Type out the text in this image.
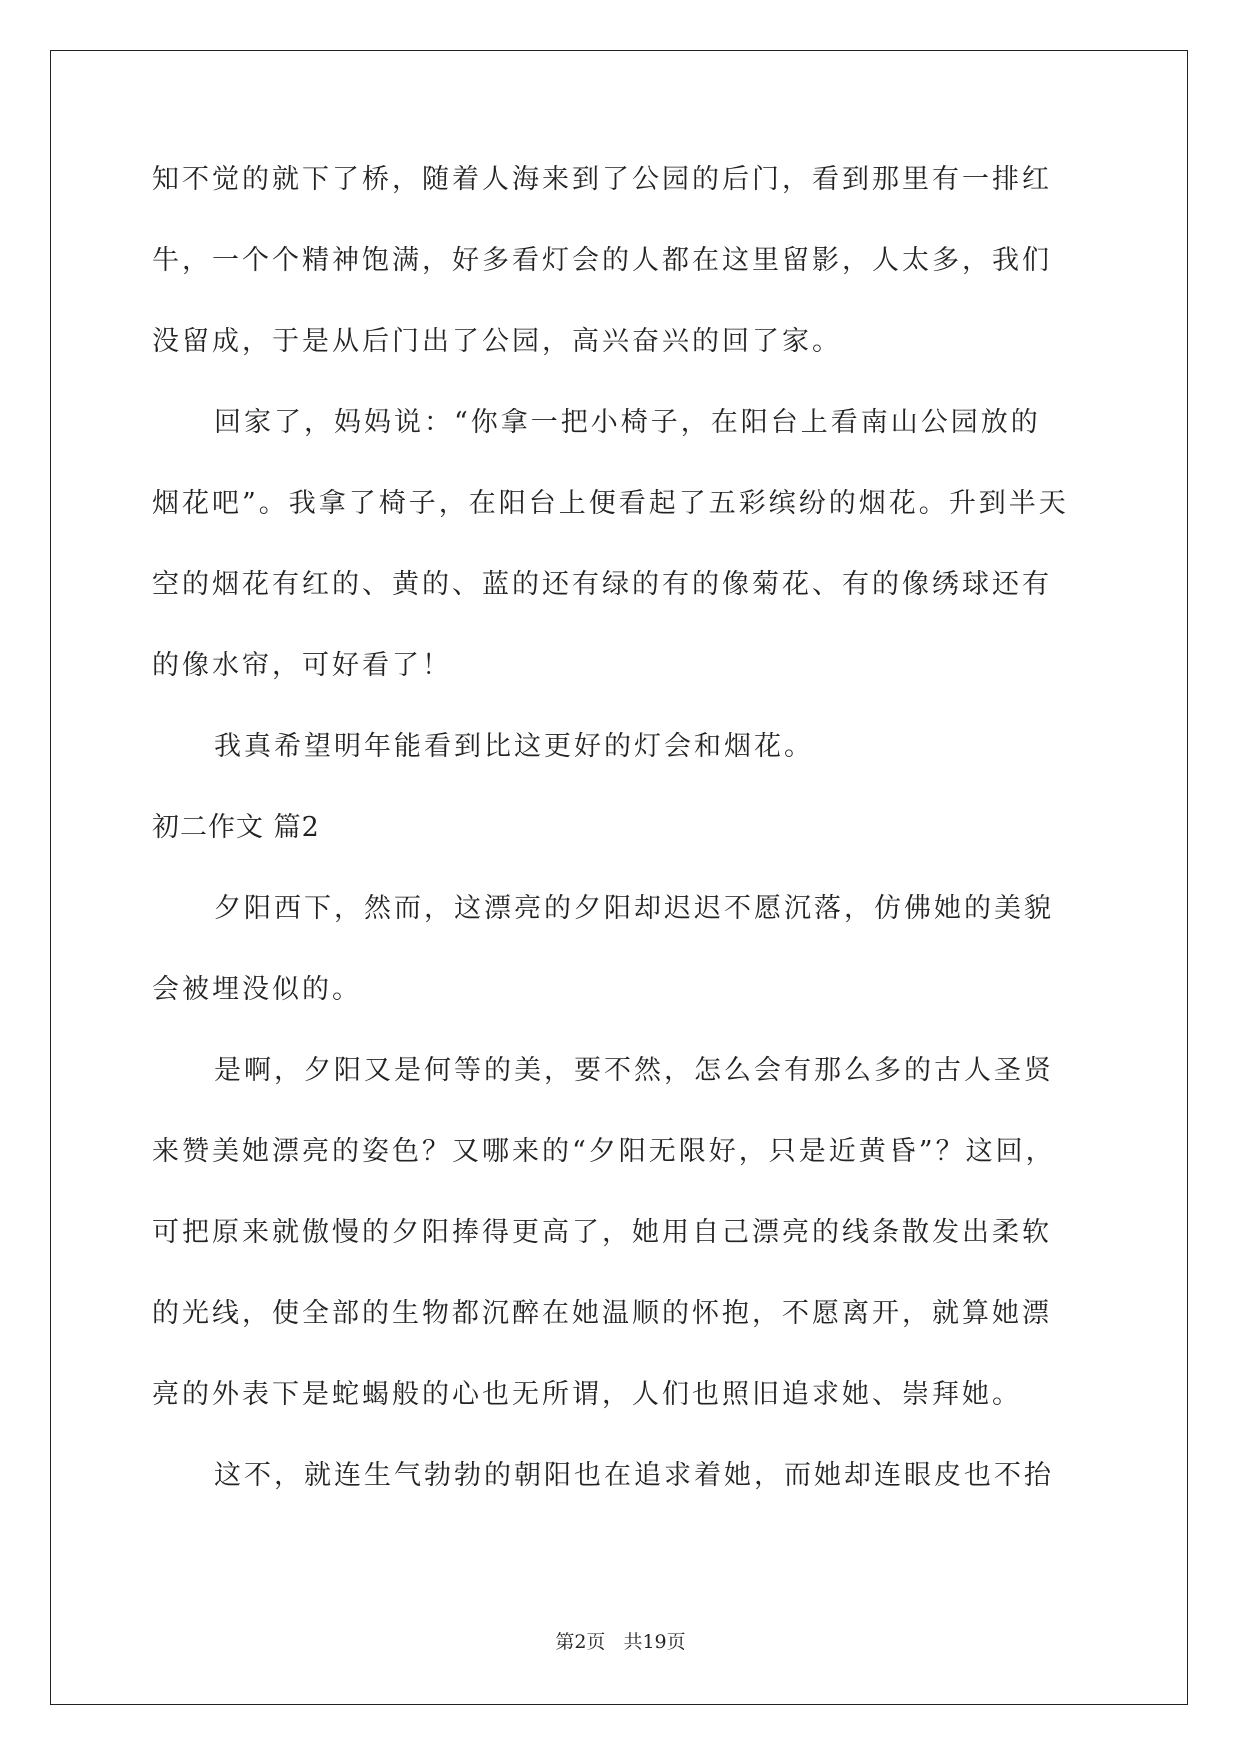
知不觉的就下了桥，随着人海来到了公园的后门，看到那里有一排红
牛，一个个精神饱满，好多看灯会的人都在这里留影，人太多，我们
没留成，于是从后门出了公园，高兴奋兴的回了家。
回家了，妈妈说：“你拿一把小椅子，在阳台上看南山公园放的
烟花吧”。我拿了椅子，在阳台上便看起了五彩缤纷的烟花。升到半天
空的烟花有红的、黄的、蓝的还有绿的有的像菊花、有的像绣球还有
的像水帘，可好看了！
我真希望明年能看到比这更好的灯会和烟花。
初二作文 篇2
夕阳西下，然而，这漂亮的夕阳却迟迟不愿沉落，仿佛她的美貌
会被埋没似的。
是啊，夕阳又是何等的美，要不然，怎么会有那么多的古人圣贤
来赞美她漂亮的姿色？又哪来的“夕阳无限好，只是近黄昏”？这回，
可把原来就傲慢的夕阳捧得更高了，她用自己漂亮的线条散发出柔软
的光线，使全部的生物都沉醉在她温顺的怀抱，不愿离开，就算她漂
亮的外表下是蛇蝎般的心也无所谓，人们也照旧追求她、崇拜她。
这不，就连生气勃勃的朝阳也在追求着她，而她却连眼皮也不抬
第2页 共19页
